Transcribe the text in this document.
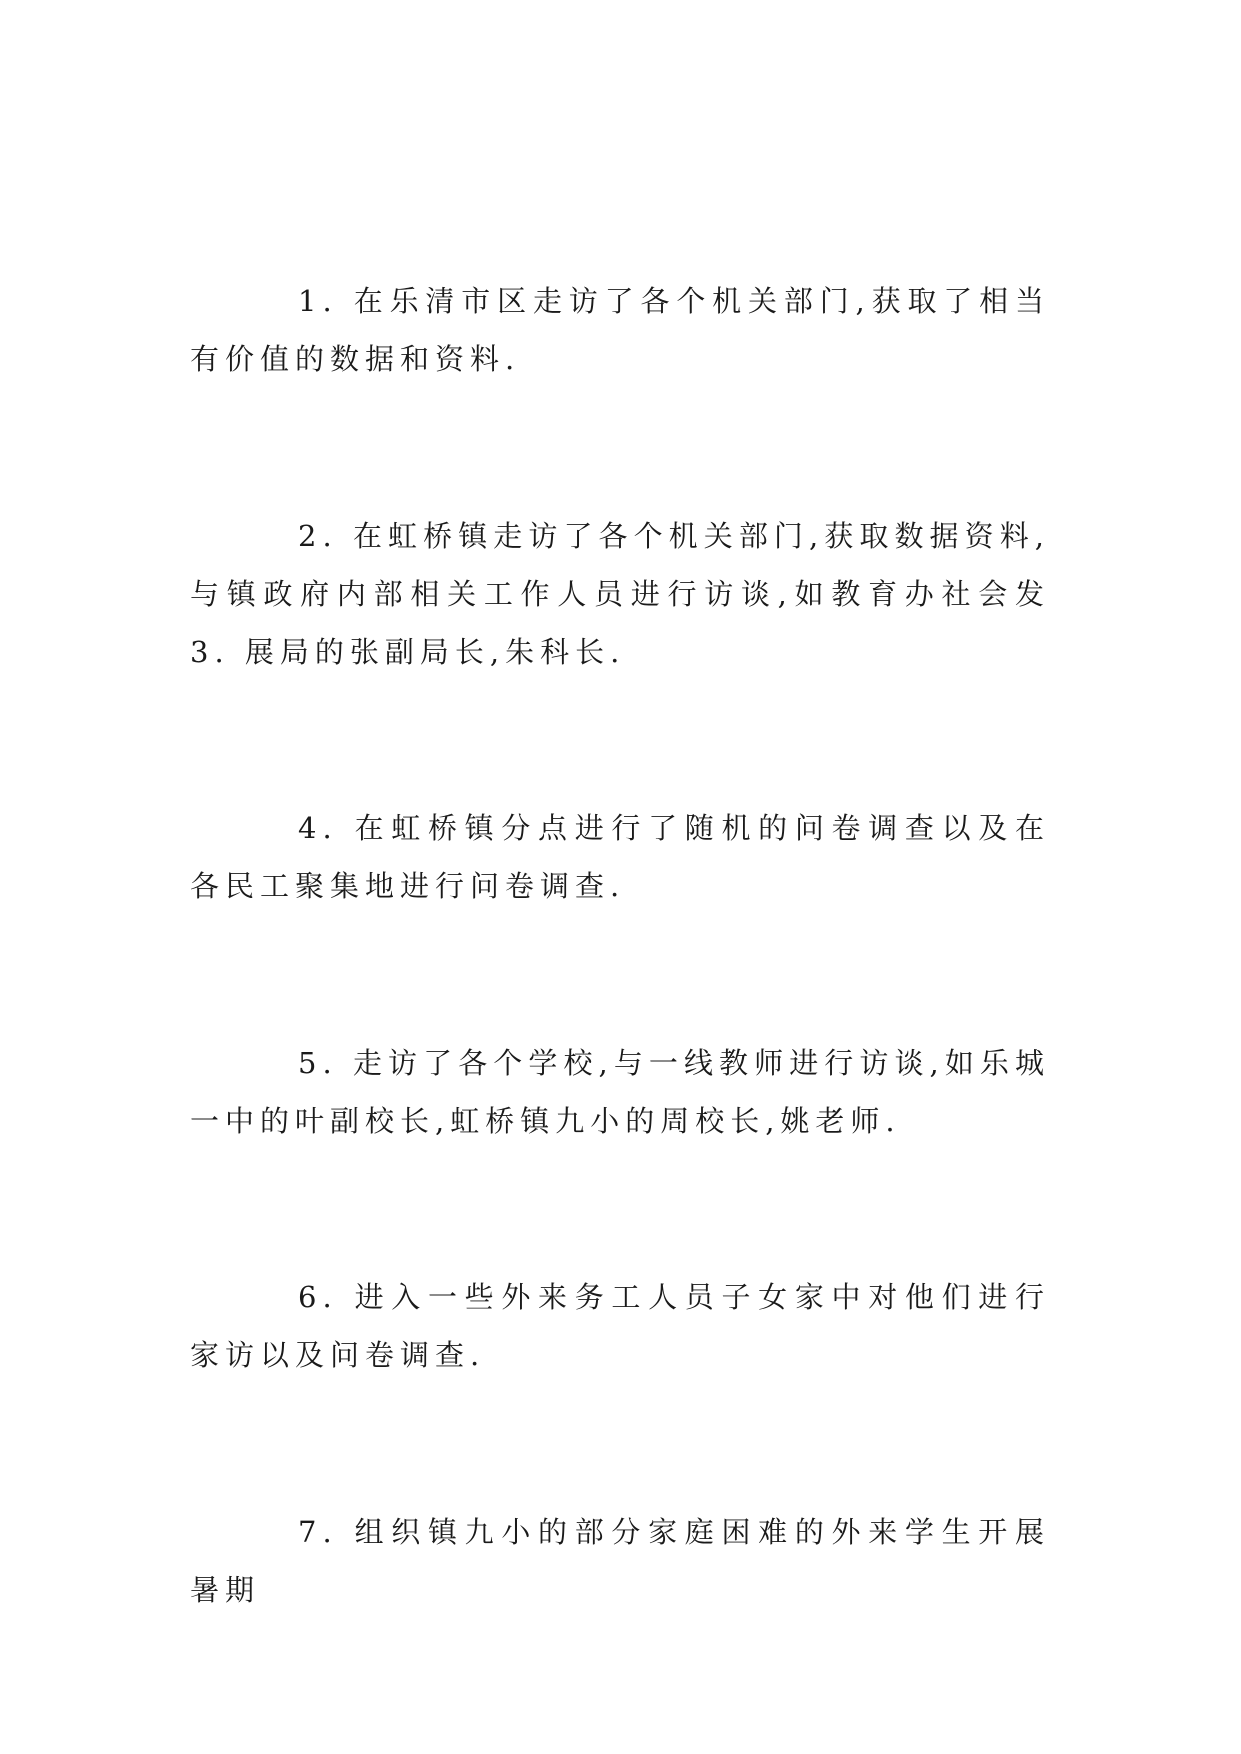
1. 在乐清市区走访了各个机关部门,获取了相当有价值的数据和资料.

2. 在虹桥镇走访了各个机关部门,获取数据资料,与镇政府内部相关工作人员进行访谈,如教育办社会发 3. 展局的张副局长,朱科长.

4. 在虹桥镇分点进行了随机的问卷调查以及在各民工聚集地进行问卷调查.

5. 走访了各个学校,与一线教师进行访谈,如乐城一中的叶副校长,虹桥镇九小的周校长,姚老师.

6. 进入一些外来务工人员子女家中对他们进行家访以及问卷调查.

7. 组织镇九小的部分家庭困难的外来学生开展暑期
